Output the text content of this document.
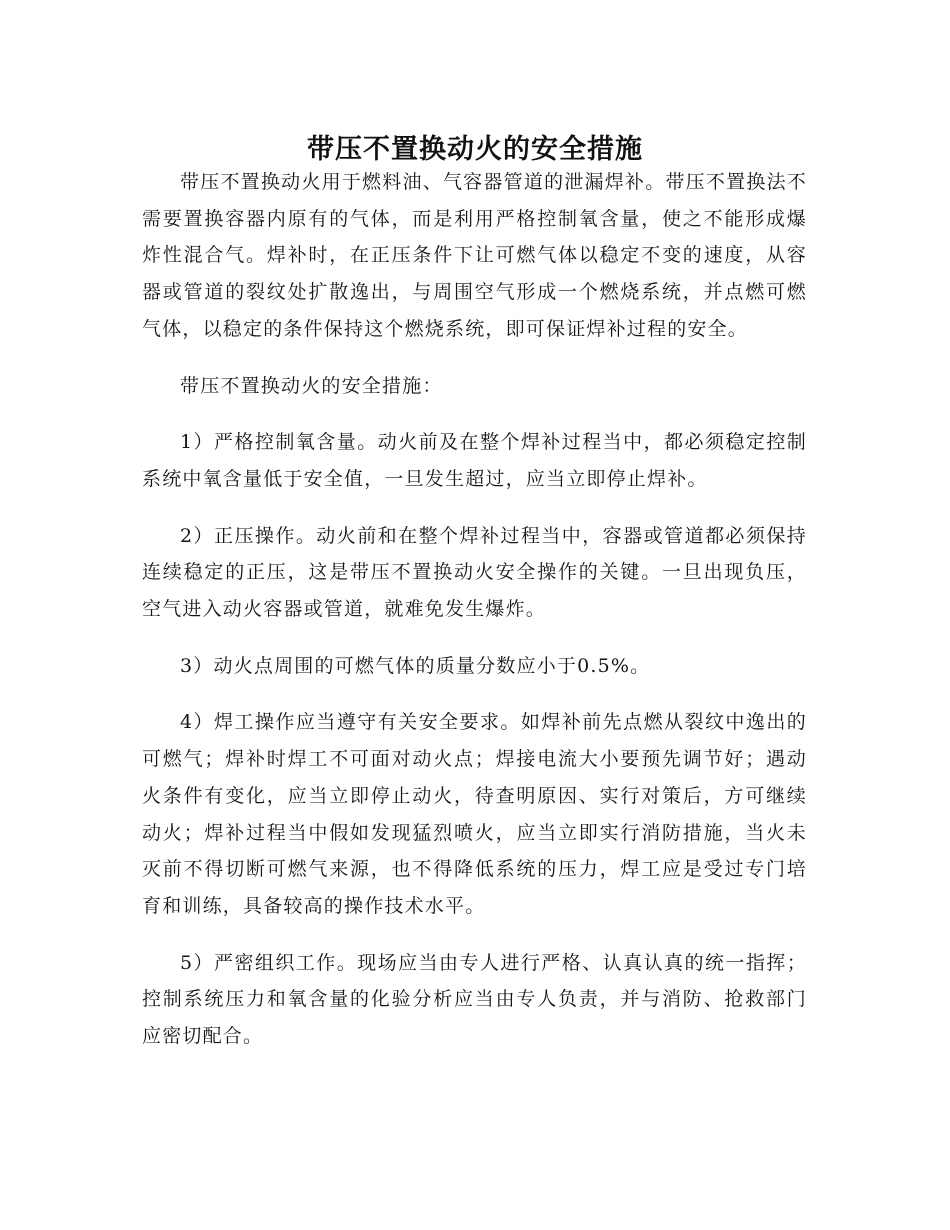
带压不置换动火的安全措施

带压不置换动火用于燃料油、气容器管道的泄漏焊补。带压不置换法不需要置换容器内原有的气体，而是利用严格控制氧含量，使之不能形成爆炸性混合气。焊补时，在正压条件下让可燃气体以稳定不变的速度，从容器或管道的裂纹处扩散逸出，与周围空气形成一个燃烧系统，并点燃可燃气体，以稳定的条件保持这个燃烧系统，即可保证焊补过程的安全。

带压不置换动火的安全措施：

1）严格控制氧含量。动火前及在整个焊补过程当中，都必须稳定控制系统中氧含量低于安全值，一旦发生超过，应当立即停止焊补。

2）正压操作。动火前和在整个焊补过程当中，容器或管道都必须保持连续稳定的正压，这是带压不置换动火安全操作的关键。一旦出现负压，空气进入动火容器或管道，就难免发生爆炸。

3）动火点周围的可燃气体的质量分数应小于0.5%。

4）焊工操作应当遵守有关安全要求。如焊补前先点燃从裂纹中逸出的可燃气；焊补时焊工不可面对动火点；焊接电流大小要预先调节好；遇动火条件有变化，应当立即停止动火，待查明原因、实行对策后，方可继续动火；焊补过程当中假如发现猛烈喷火，应当立即实行消防措施，当火未灭前不得切断可燃气来源，也不得降低系统的压力，焊工应是受过专门培育和训练，具备较高的操作技术水平。

5）严密组织工作。现场应当由专人进行严格、认真认真的统一指挥；控制系统压力和氧含量的化验分析应当由专人负责，并与消防、抢救部门应密切配合。
